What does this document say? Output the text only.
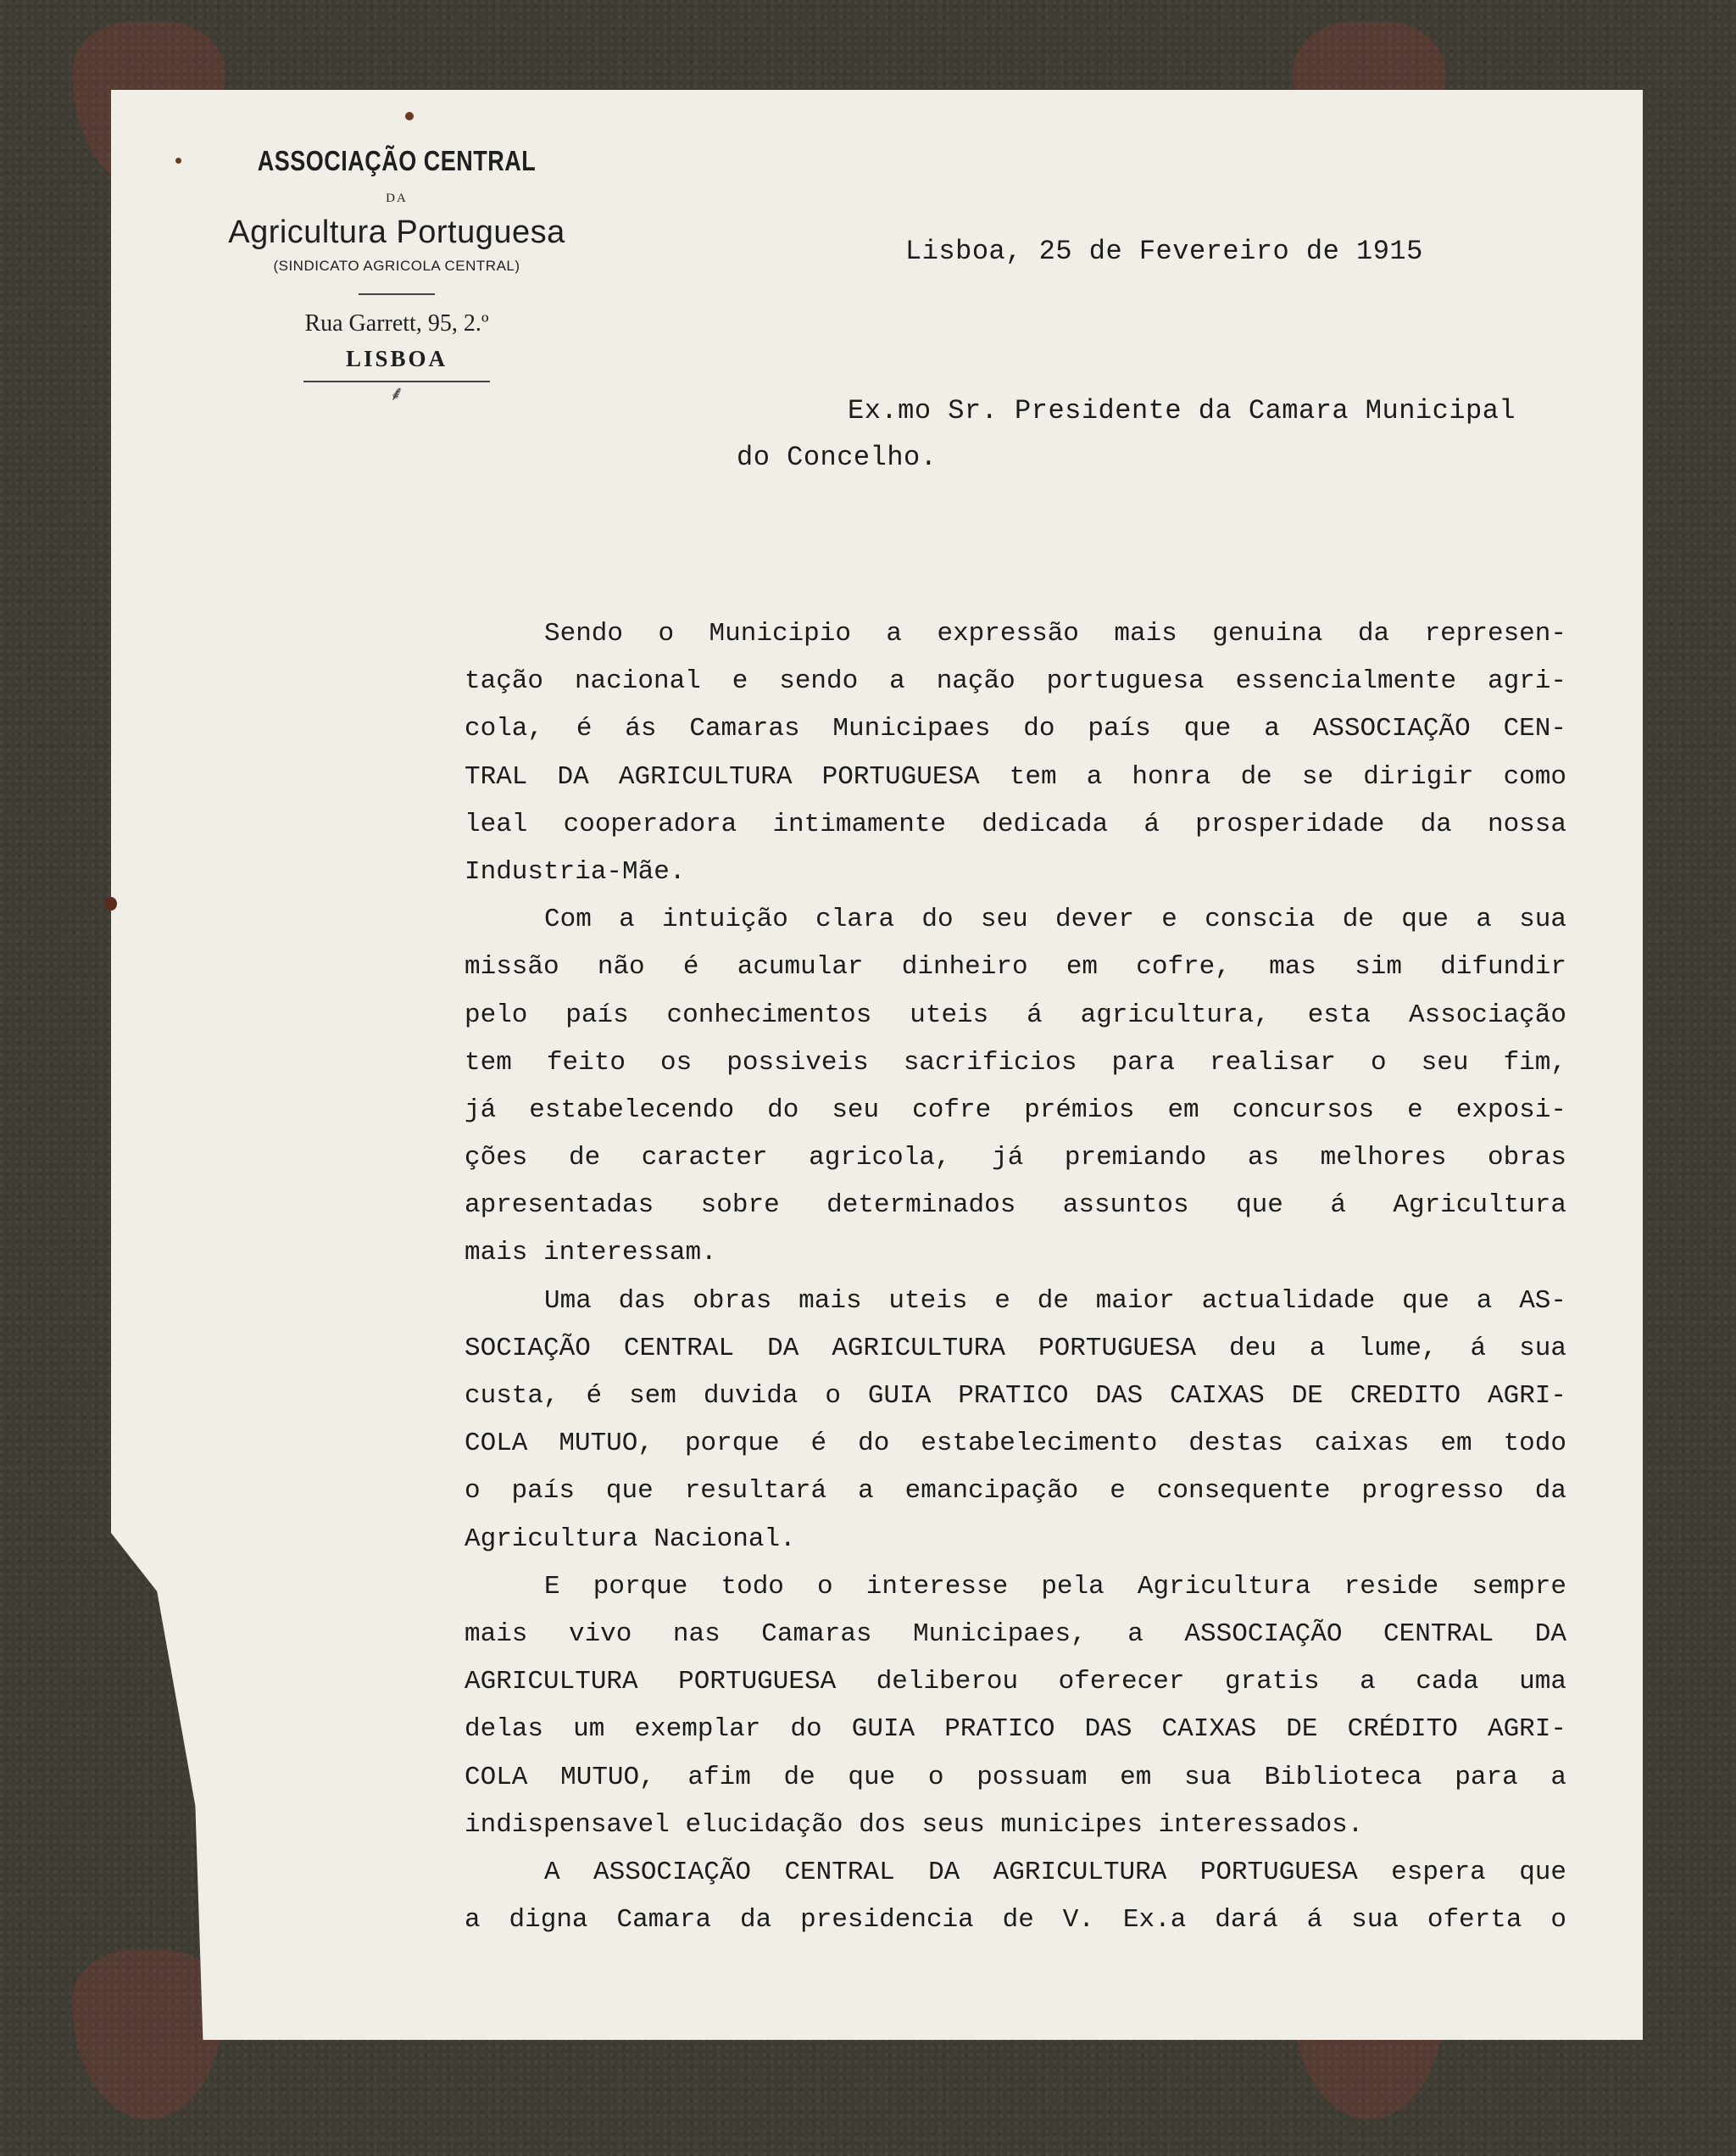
ASSOCIAÇÃO CENTRAL
DA
Agricultura Portuguesa
(SINDICATO AGRICOLA CENTRAL)
Rua Garrett, 95, 2.º
LISBOA
⸙
Lisboa, 25 de Fevereiro de 1915
Ex.mo Sr. Presidente da Camara Municipal
do Concelho.
Sendo o Municipio a expressão mais genuina da represen-
tação nacional e sendo a nação portuguesa essencialmente agri-
cola, é ás Camaras Municipaes do país que a ASSOCIAÇÃO CEN-
TRAL DA AGRICULTURA PORTUGUESA tem a honra de se dirigir como
leal cooperadora intimamente dedicada á prosperidade da nossa
Industria-Mãe.
Com a intuição clara do seu dever e conscia de que a sua
missão não é acumular dinheiro em cofre, mas sim difundir
pelo país conhecimentos uteis á agricultura, esta Associação
tem feito os possiveis sacrificios para realisar o seu fim,
já estabelecendo do seu cofre prémios em concursos e exposi-
ções de caracter agricola, já premiando as melhores obras
apresentadas sobre determinados assuntos que á Agricultura
mais interessam.
Uma das obras mais uteis e de maior actualidade que a AS-
SOCIAÇÃO CENTRAL DA AGRICULTURA PORTUGUESA deu a lume, á sua
custa, é sem duvida o GUIA PRATICO DAS CAIXAS DE CREDITO AGRI-
COLA MUTUO, porque é do estabelecimento destas caixas em todo
o país que resultará a emancipação e consequente progresso da
Agricultura Nacional.
E porque todo o interesse pela Agricultura reside sempre
mais vivo nas Camaras Municipaes, a ASSOCIAÇÃO CENTRAL DA
AGRICULTURA PORTUGUESA deliberou oferecer gratis a cada uma
delas um exemplar do GUIA PRATICO DAS CAIXAS DE CRÉDITO AGRI-
COLA MUTUO, afim de que o possuam em sua Biblioteca para a
indispensavel elucidação dos seus municipes interessados.
A ASSOCIAÇÃO CENTRAL DA AGRICULTURA PORTUGUESA espera que
a digna Camara da presidencia de V. Ex.a dará á sua oferta o
